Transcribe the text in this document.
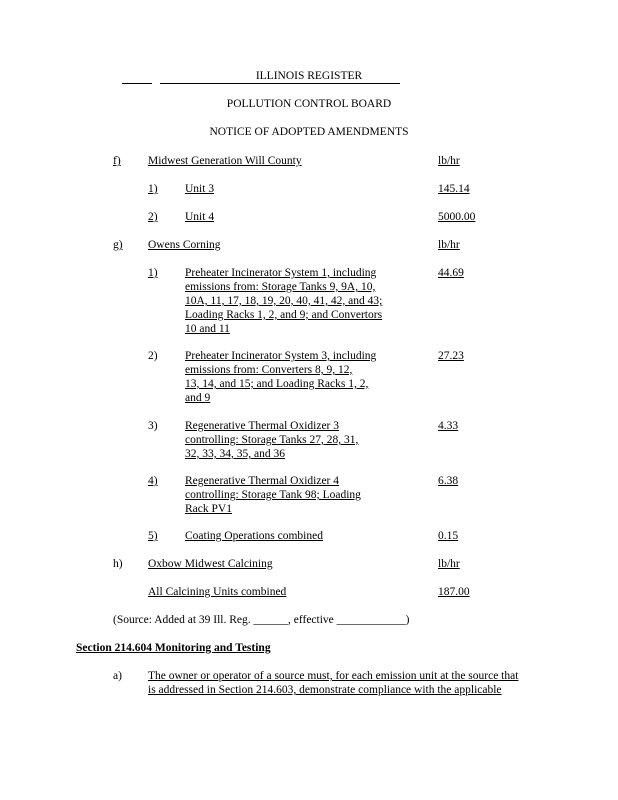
ILLINOIS REGISTER
POLLUTION CONTROL BOARD
NOTICE OF ADOPTED AMENDMENTS
f) Midwest Generation Will County	lb/hr
1) Unit 3	145.14
2) Unit 4	5000.00
g) Owens Corning	lb/hr
1) Preheater Incinerator System 1, including
emissions from: Storage Tanks 9, 9A, 10,
10A, 11, 17, 18, 19, 20, 40, 41, 42, and 43;
Loading Racks 1, 2, and 9; and Convertors
10 and 11
44.69
2) Preheater Incinerator System 3, including
emissions from: Converters 8, 9, 12,
13, 14, and 15; and Loading Racks 1, 2,
and 9
27.23
3) Regenerative Thermal Oxidizer 3
controlling: Storage Tanks 27, 28, 31,
32, 33, 34, 35, and 36
4.33
4) Regenerative Thermal Oxidizer 4
controlling: Storage Tank 98; Loading
Rack PV1
6.38
5) Coating Operations combined	0.15
h) Oxbow Midwest Calcining	lb/hr
All Calcining Units combined	187.00
(Source: Added at 39 Ill. Reg. ______, effective ____________)
Section 214.604 Monitoring and Testing
a) The owner or operator of a source must, for each emission unit at the source that
is addressed in Section 214.603, demonstrate compliance with the applicable
